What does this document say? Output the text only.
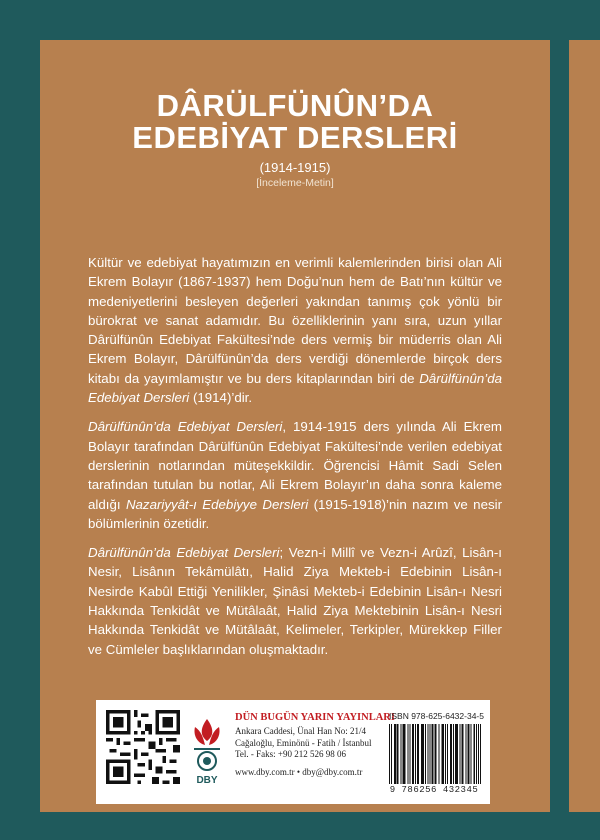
DÂRÜLFÜNÛN’DA
EDEBİYAT DERSLERİ
(1914-1915)
[İnceleme-Metin]

Kültür ve edebiyat hayatımızın en verimli kalemlerinden birisi olan Ali Ekrem Bolayır (1867-1937) hem Doğu’nun hem de Batı’nın kültür ve medeniyetlerini besleyen değerleri yakından tanımış çok yönlü bir bürokrat ve sanat adamıdır. Bu özelliklerinin yanı sıra, uzun yıllar Dârülfünûn Edebiyat Fakültesi’nde ders vermiş bir müderris olan Ali Ekrem Bolayır, Dârülfünûn’da ders verdiği dönemlerde birçok ders kitabı da yayımlamıştır ve bu ders kitaplarından biri de Dârülfünûn’da Edebiyat Dersleri (1914)’dir.

Dârülfünûn’da Edebiyat Dersleri, 1914-1915 ders yılında Ali Ekrem Bolayır tarafından Dârülfünûn Edebiyat Fakültesi’nde verilen edebiyat derslerinin notlarından müteşekkildir. Öğrencisi Hâmit Sadi Selen tarafından tutulan bu notlar, Ali Ekrem Bolayır’ın daha sonra kaleme aldığı Nazariyyât-ı Edebiyye Dersleri (1915-1918)’nin nazım ve nesir bölümlerinin özetidir.

Dârülfünûn’da Edebiyat Dersleri; Vezn-i Millî ve Vezn-i Arûzî, Lisân-ı Nesir, Lisânın Tekâmülâtı, Halid Ziya Mekteb-i Edebinin Lisân-ı Nesirde Kabûl Ettiği Yenilikler, Şinâsi Mekteb-i Edebinin Lisân-ı Nesri Hakkında Tenkidât ve Mütâlaât, Halid Ziya Mektebinin Lisân-ı Nesri Hakkında Tenkidât ve Mütâlaât, Kelimeler, Terkipler, Mürekkep Filler ve Cümleler başlıklarından oluşmaktadır.

DBY
DÜN BUGÜN YARIN YAYINLARI
Ankara Caddesi, Ünal Han No: 21/4
Cağaloğlu, Eminönü - Fatih / İstanbul
Tel. - Faks: +90 212 526 98 06
www.dby.com.tr • dby@dby.com.tr
ISBN 978-625-6432-34-5
9 786256 432345
